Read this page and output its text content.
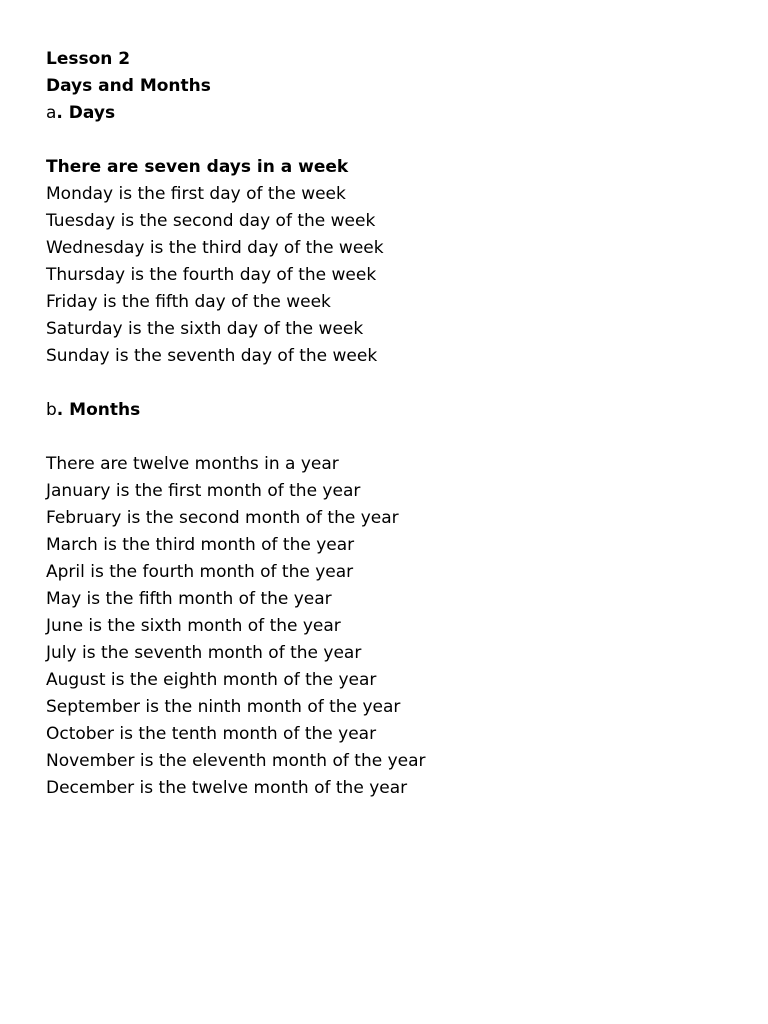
Lesson 2
Days and Months
a. Days
There are seven days in a week
Monday is the first day of the week
Tuesday is the second day of the week
Wednesday is the third day of the week
Thursday is the fourth day of the week
Friday is the fifth day of the week
Saturday is the sixth day of the week
Sunday is the seventh day of the week
b. Months
There are twelve months in a year
January is the first month of the year
February is the second month of the year
March is the third month of the year
April is the fourth month of the year
May is the fifth month of the year
June is the sixth month of the year
July is the seventh month of the year
August is the eighth month of the year
September is the ninth month of the year
October is the tenth month of the year
November is the eleventh month of the year
December is the twelve month of the year
